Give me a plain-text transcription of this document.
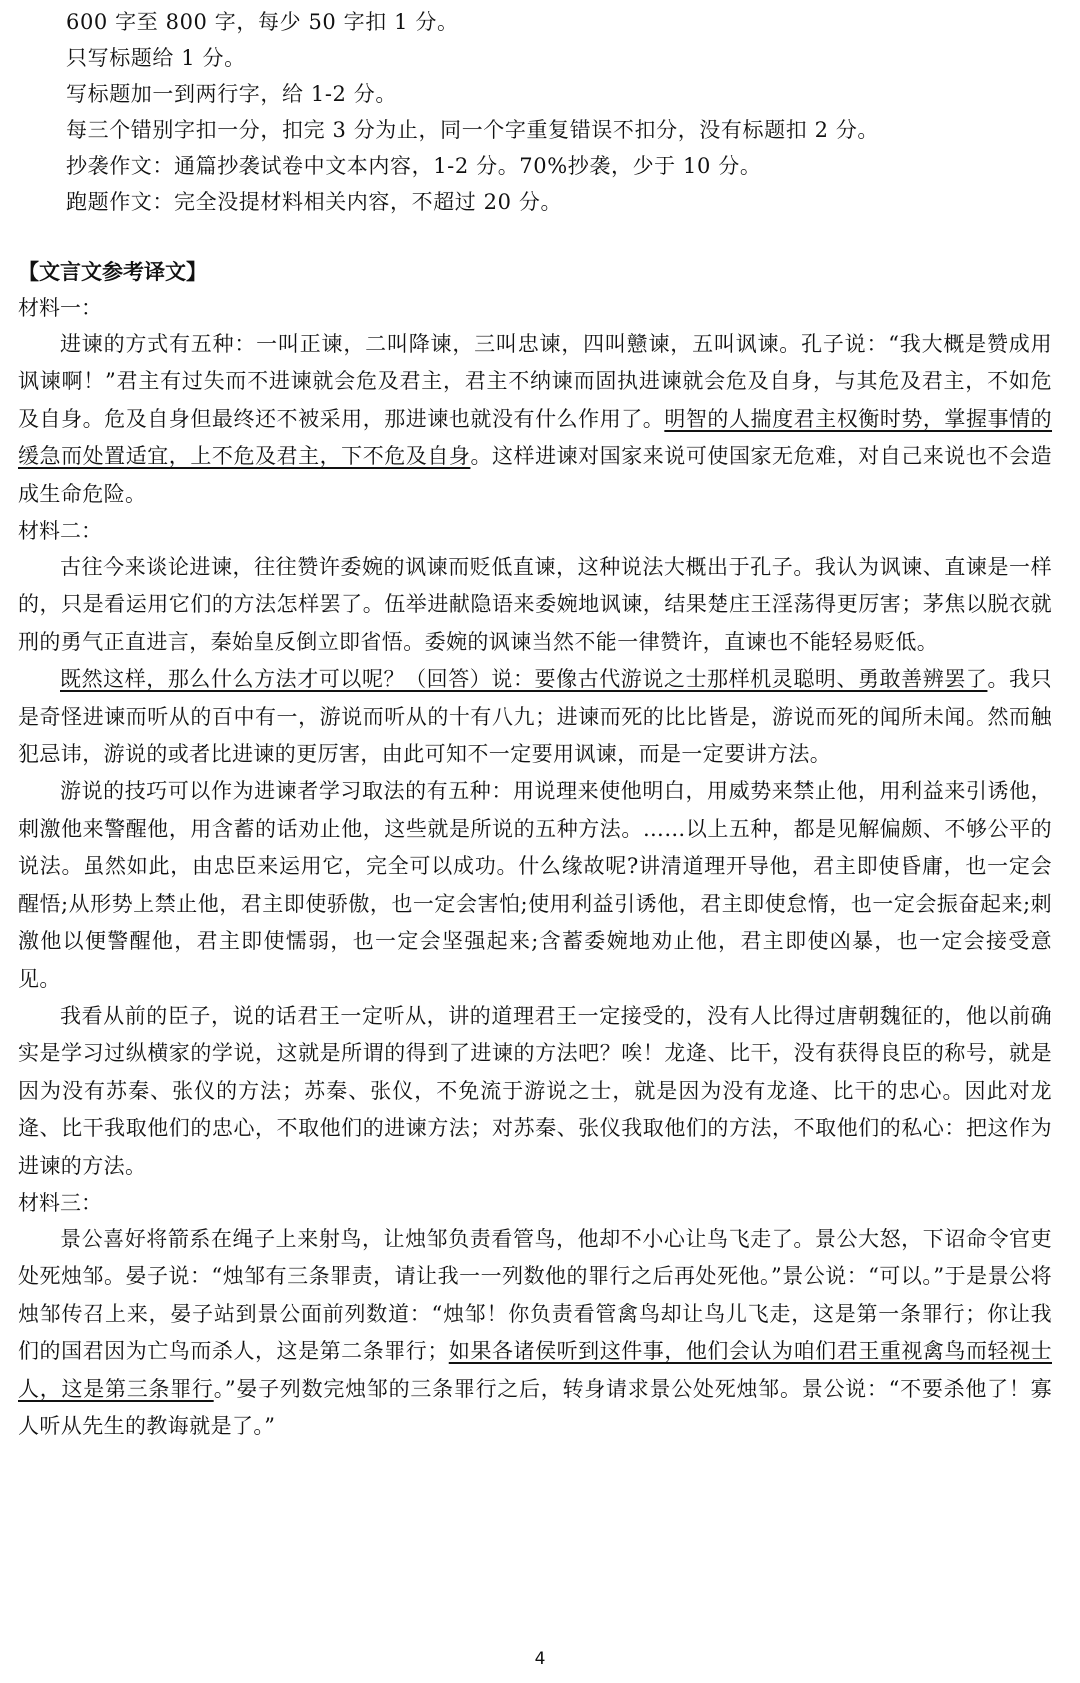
600 字至 800 字，每少 50 字扣 1 分。

只写标题给 1 分。

写标题加一到两行字，给 1-2 分。

每三个错别字扣一分，扣完 3 分为止，同一个字重复错误不扣分，没有标题扣 2 分。

抄袭作文：通篇抄袭试卷中文本内容，1-2 分。70%抄袭，少于 10 分。

跑题作文：完全没提材料相关内容，不超过 20 分。

【文言文参考译文】

材料一：

进谏的方式有五种：一叫正谏，二叫降谏，三叫忠谏，四叫戆谏，五叫讽谏。孔子说：“我大概是赞成用讽谏啊！”君主有过失而不进谏就会危及君主，君主不纳谏而固执进谏就会危及自身，与其危及君主，不如危及自身。危及自身但最终还不被采用，那进谏也就没有什么作用了。明智的人揣度君主权衡时势，掌握事情的缓急而处置适宜，上不危及君主，下不危及自身。这样进谏对国家来说可使国家无危难，对自己来说也不会造成生命危险。

材料二：

古往今来谈论进谏，往往赞许委婉的讽谏而贬低直谏，这种说法大概出于孔子。我认为讽谏、直谏是一样的，只是看运用它们的方法怎样罢了。伍举进献隐语来委婉地讽谏，结果楚庄王淫荡得更厉害；茅焦以脱衣就刑的勇气正直进言，秦始皇反倒立即省悟。委婉的讽谏当然不能一律赞许，直谏也不能轻易贬低。

既然这样，那么什么方法才可以呢？（回答）说：要像古代游说之士那样机灵聪明、勇敢善辨罢了。我只是奇怪进谏而听从的百中有一，游说而听从的十有八九；进谏而死的比比皆是，游说而死的闻所未闻。然而触犯忌讳，游说的或者比进谏的更厉害，由此可知不一定要用讽谏，而是一定要讲方法。

游说的技巧可以作为进谏者学习取法的有五种：用说理来使他明白，用威势来禁止他，用利益来引诱他，刺激他来警醒他，用含蓄的话劝止他，这些就是所说的五种方法。……以上五种，都是见解偏颇、不够公平的说法。虽然如此，由忠臣来运用它，完全可以成功。什么缘故呢?讲清道理开导他，君主即使昏庸，也一定会醒悟;从形势上禁止他，君主即使骄傲，也一定会害怕;使用利益引诱他，君主即使怠惰，也一定会振奋起来;刺激他以便警醒他，君主即使懦弱，也一定会坚强起来;含蓄委婉地劝止他，君主即使凶暴，也一定会接受意见。

我看从前的臣子，说的话君王一定听从，讲的道理君王一定接受的，没有人比得过唐朝魏征的，他以前确实是学习过纵横家的学说，这就是所谓的得到了进谏的方法吧？唉！龙逄、比干，没有获得良臣的称号，就是因为没有苏秦、张仪的方法；苏秦、张仪，不免流于游说之士，就是因为没有龙逄、比干的忠心。因此对龙逄、比干我取他们的忠心，不取他们的进谏方法；对苏秦、张仪我取他们的方法，不取他们的私心：把这作为进谏的方法。

材料三：

景公喜好将箭系在绳子上来射鸟，让烛邹负责看管鸟，他却不小心让鸟飞走了。景公大怒，下诏命令官吏处死烛邹。晏子说：“烛邹有三条罪责，请让我一一列数他的罪行之后再处死他。”景公说：“可以。”于是景公将烛邹传召上来，晏子站到景公面前列数道：“烛邹！你负责看管禽鸟却让鸟儿飞走，这是第一条罪行；你让我们的国君因为亡鸟而杀人，这是第二条罪行；如果各诸侯听到这件事，他们会认为咱们君王重视禽鸟而轻视士人，这是第三条罪行。”晏子列数完烛邹的三条罪行之后，转身请求景公处死烛邹。景公说：“不要杀他了！寡人听从先生的教诲就是了。”

4
